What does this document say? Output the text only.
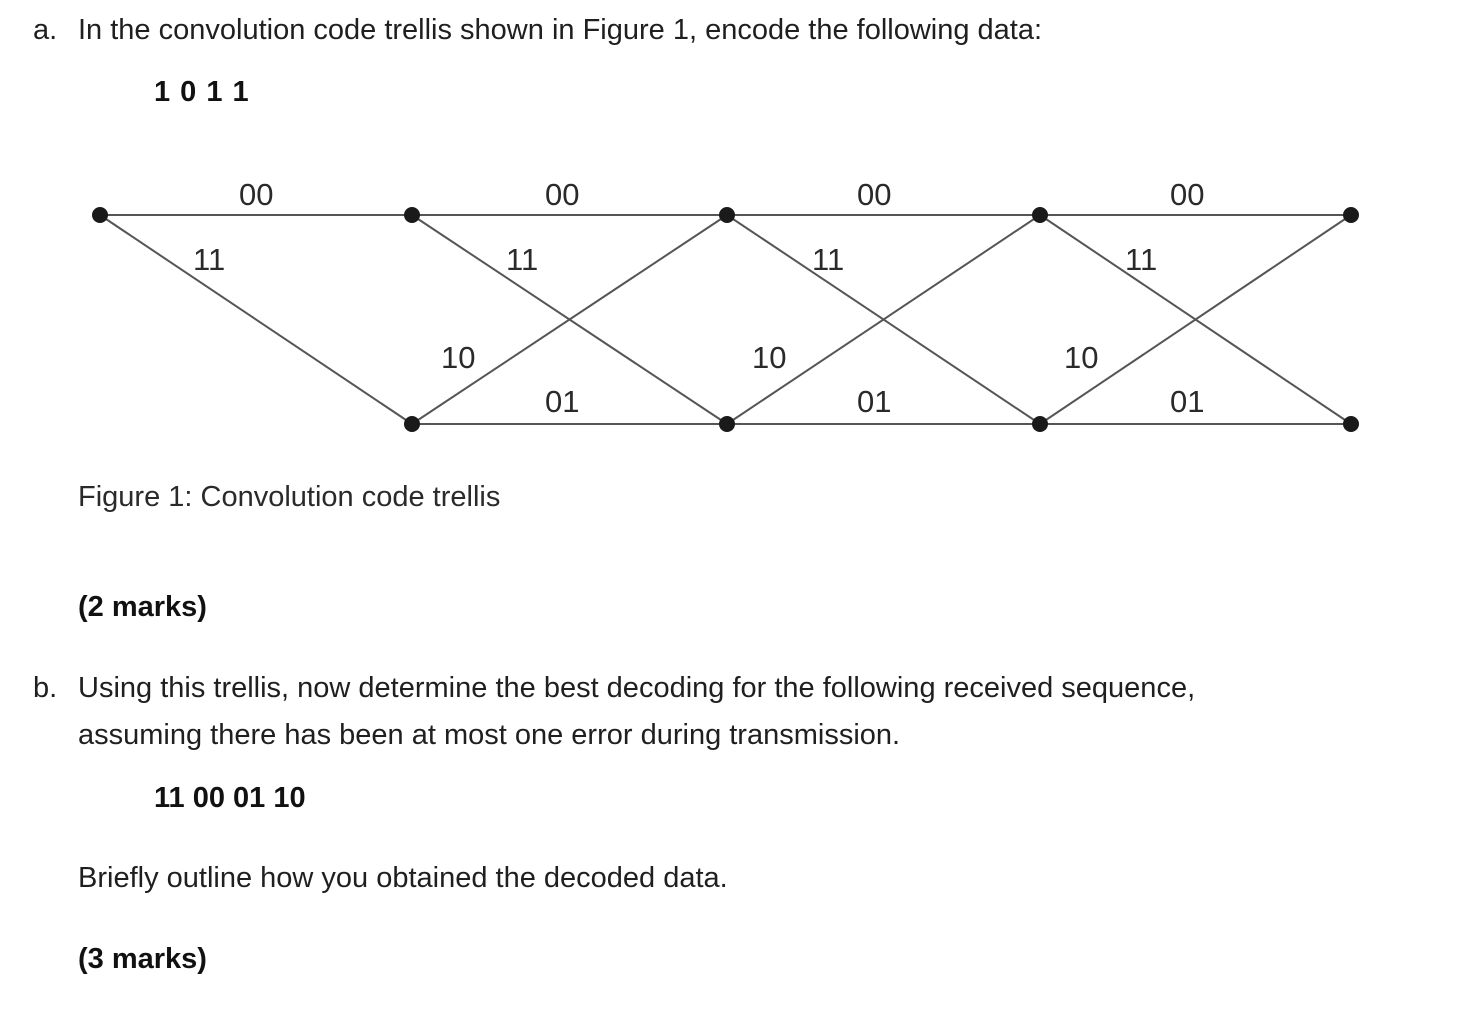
a. In the convolution code trellis shown in Figure 1, encode the following data:
1 0 1 1
00	00	00	00
11	11	11	11
10	10	10
01	01	01
Figure 1: Convolution code trellis
(2 marks)
b. Using this trellis, now determine the best decoding for the following received sequence,
assuming there has been at most one error during transmission.
11 00 01 10
Briefly outline how you obtained the decoded data.
(3 marks)
